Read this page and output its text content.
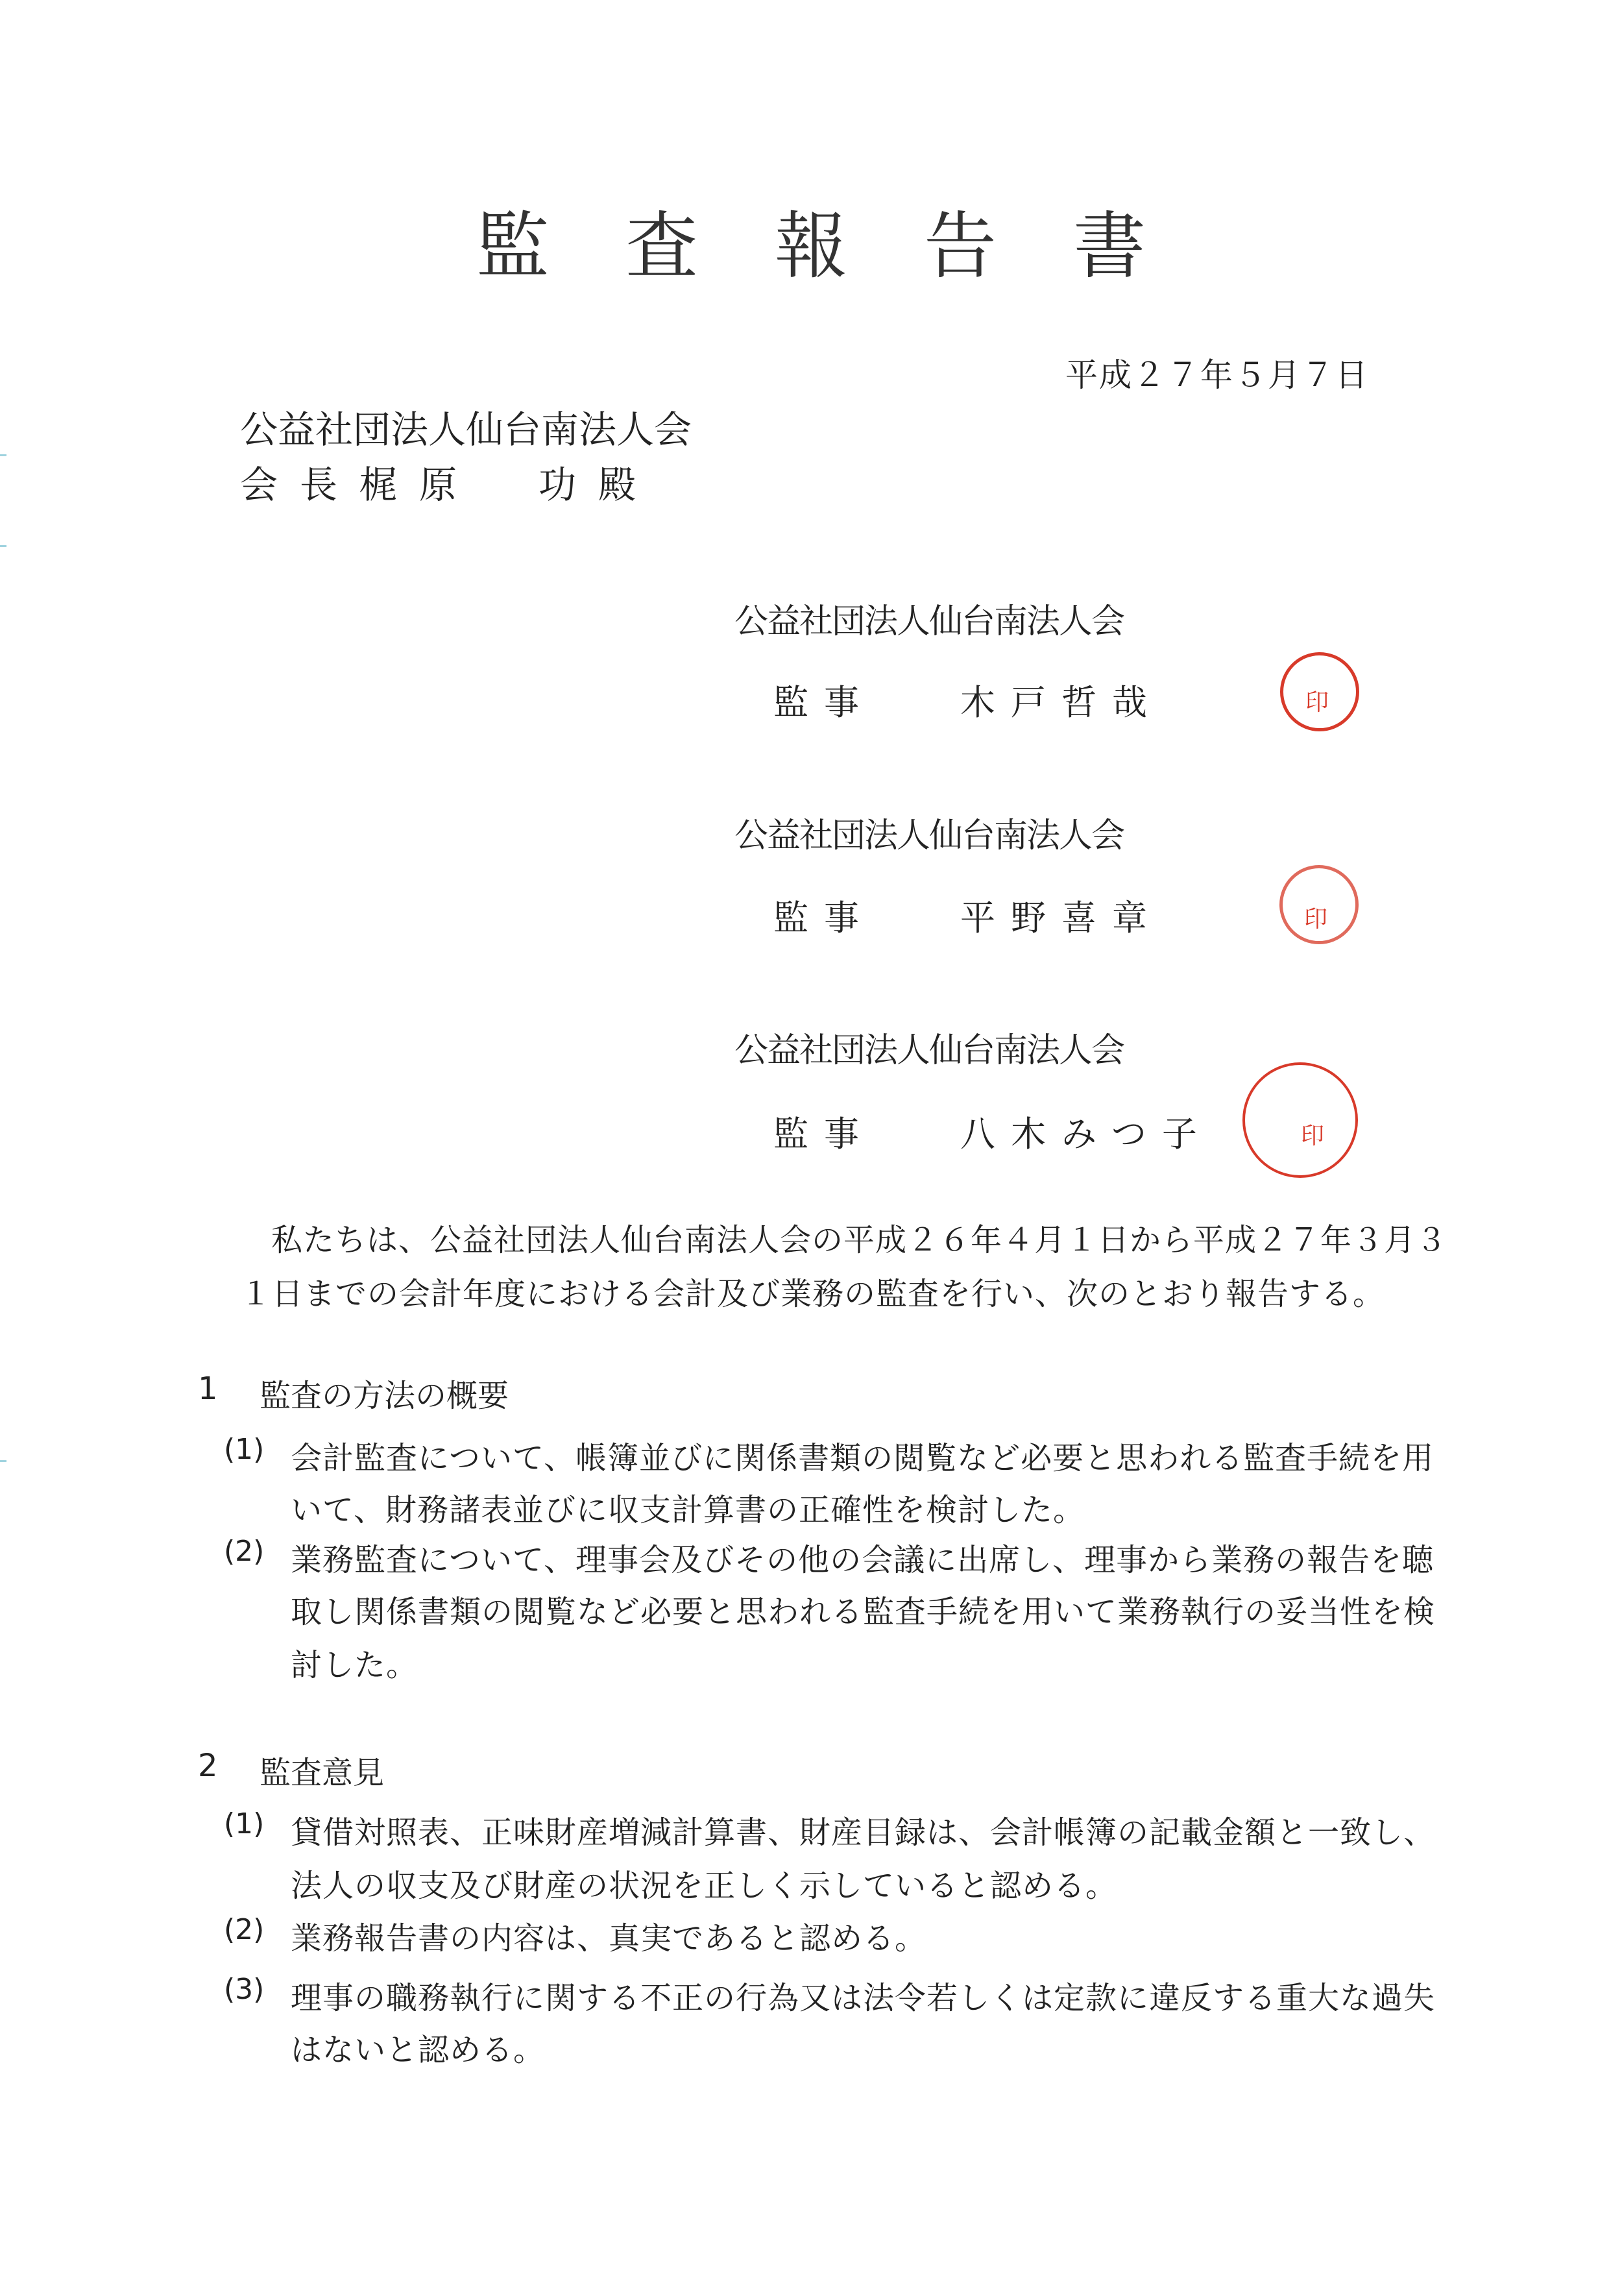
監査報告書
平成２７年５月７日
公益社団法人仙台南法人会
会長梶原　功殿
公益社団法人仙台南法人会
監事 木戸哲哉	印
公益社団法人仙台南法人会
監事 平野喜章	印
公益社団法人仙台南法人会
監事 八木みつ子	印
私たちは、公益社団法人仙台南法人会の平成２６年４月１日から平成２７年３月３
１日までの会計年度における会計及び業務の監査を行い、次のとおり報告する。
1 監査の方法の概要
(1) 会計監査について、帳簿並びに関係書類の閲覧など必要と思われる監査手続を用
いて、財務諸表並びに収支計算書の正確性を検討した。
(2) 業務監査について、理事会及びその他の会議に出席し、理事から業務の報告を聴
取し関係書類の閲覧など必要と思われる監査手続を用いて業務執行の妥当性を検
討した。
2 監査意見
(1) 貸借対照表、正味財産増減計算書、財産目録は、会計帳簿の記載金額と一致し、
法人の収支及び財産の状況を正しく示していると認める。
(2) 業務報告書の内容は、真実であると認める。
(3) 理事の職務執行に関する不正の行為又は法令若しくは定款に違反する重大な過失
はないと認める。
